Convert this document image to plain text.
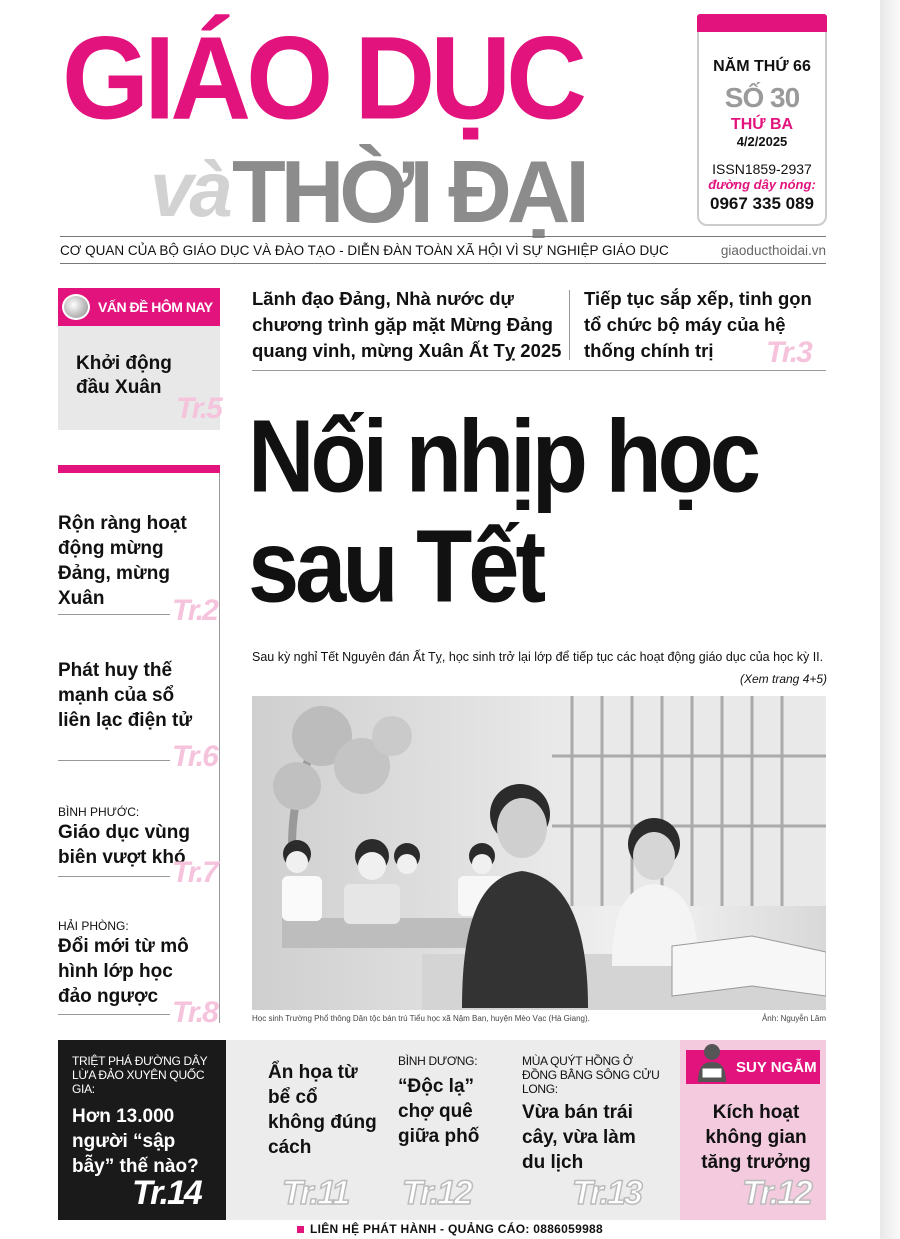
GIÁO DỤC
và THỜI ĐẠI
NĂM THỨ 66
SỐ 30
THỨ BA
4/2/2025
ISSN1859-2937
đường dây nóng:
0967 335 089
CƠ QUAN CỦA BỘ GIÁO DỤC VÀ ĐÀO TẠO - DIỄN ĐÀN TOÀN XÃ HỘI VÌ SỰ NGHIỆP GIÁO DỤC	giaoducthoidai.vn
VẤN ĐỀ HÔM NAY
Khởi động đầu Xuân
Tr.5
Rộn ràng hoạt động mừng Đảng, mừng Xuân	Tr.2
Phát huy thế mạnh của sổ liên lạc điện tử
Tr.6
BÌNH PHƯỚC:
Giáo dục vùng biên vượt khó
Tr.7
HẢI PHÒNG:
Đổi mới từ mô hình lớp học đảo ngược Tr.8
Lãnh đạo Đảng, Nhà nước dự chương trình gặp mặt Mừng Đảng quang vinh, mừng Xuân Ất Tỵ 2025
Tiếp tục sắp xếp, tinh gọn tổ chức bộ máy của hệ thống chính trị	Tr.3
Nối nhịp học
sau Tết
Sau kỳ nghỉ Tết Nguyên đán Ất Tỵ, học sinh trở lại lớp để tiếp tục các hoạt động giáo dục của học kỳ II.
(Xem trang 4+5)
Học sinh Trường Phổ thông Dân tộc bán trú Tiểu học xã Nậm Ban, huyện Mèo Vạc (Hà Giang).	Ảnh: Nguyễn Lâm
TRIỆT PHÁ ĐƯỜNG DÂY LỪA ĐẢO XUYÊN QUỐC GIA:
Hơn 13.000 người “sập bẫy” thế nào?
Tr.14
Ẩn họa từ bể cổ không đúng cách
Tr.11
BÌNH DƯƠNG:
“Độc lạ” chợ quê giữa phố
Tr.12
MÙA QUÝT HỒNG Ở ĐỒNG BẰNG SÔNG CỬU LONG:
Vừa bán trái cây, vừa làm du lịch
Tr.13
SUY NGẪM
Kích hoạt không gian tăng trưởng
Tr.12
LIÊN HỆ PHÁT HÀNH - QUẢNG CÁO: 0886059988
